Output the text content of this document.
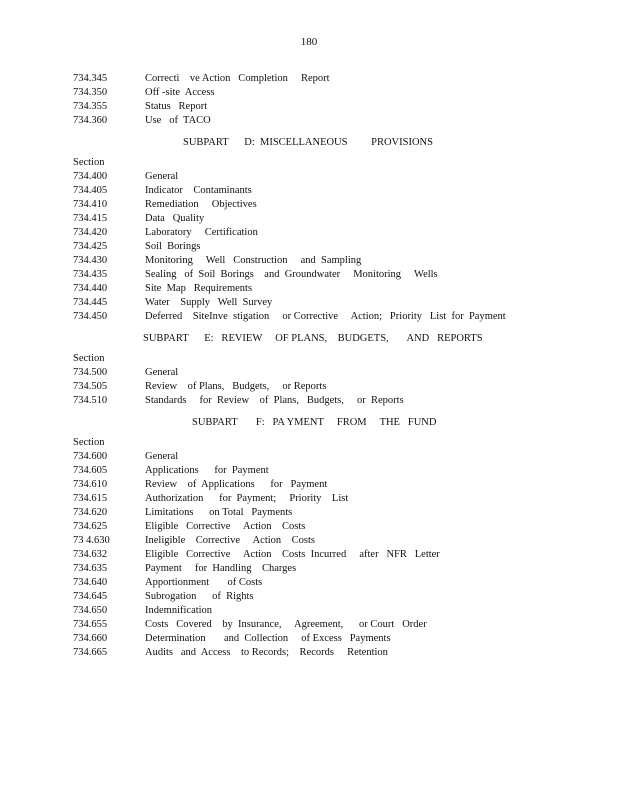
180
734.345	Correcti    ve Action   Completion     Report
734.350	Off -site  Access
734.355	Status   Report
734.360	Use   of  TACO
SUBPART      D:  MISCELLANEOUS         PROVISIONS
Section
734.400	General
734.405	Indicator    Contaminants
734.410	Remediation     Objectives
734.415	Data   Quality
734.420	Laboratory     Certification
734.425	Soil  Borings
734.430	Monitoring     Well   Construction     and  Sampling
734.435	Sealing   of  Soil  Borings    and  Groundwater     Monitoring     Wells
734.440	Site  Map   Requirements
734.445	Water    Supply   Well  Survey
734.450	Deferred    SiteInve  stigation     or Corrective     Action;   Priority   List  for  Payment
SUBPART      E:   REVIEW     OF PLANS,    BUDGETS,       AND   REPORTS
Section
734.500	General
734.505	Review    of Plans,   Budgets,     or Reports
734.510	Standards     for  Review    of  Plans,   Budgets,     or  Reports
SUBPART       F:   PA YMENT     FROM     THE   FUND
Section
734.600	General
734.605	Applications      for  Payment
734.610	Review    of  Applications      for   Payment
734.615	Authorization      for  Payment;     Priority    List
734.620	Limitations      on Total   Payments
734.625	Eligible   Corrective     Action    Costs
73 4.630	Ineligible    Corrective     Action    Costs
734.632	Eligible   Corrective     Action    Costs  Incurred     after   NFR   Letter
734.635	Payment     for  Handling    Charges
734.640	Apportionment       of Costs
734.645	Subrogation      of  Rights
734.650	Indemnification
734.655	Costs   Covered    by  Insurance,     Agreement,      or Court   Order
734.660	Determination       and  Collection     of Excess   Payments
734.665	Audits   and  Access    to Records;    Records     Retention
